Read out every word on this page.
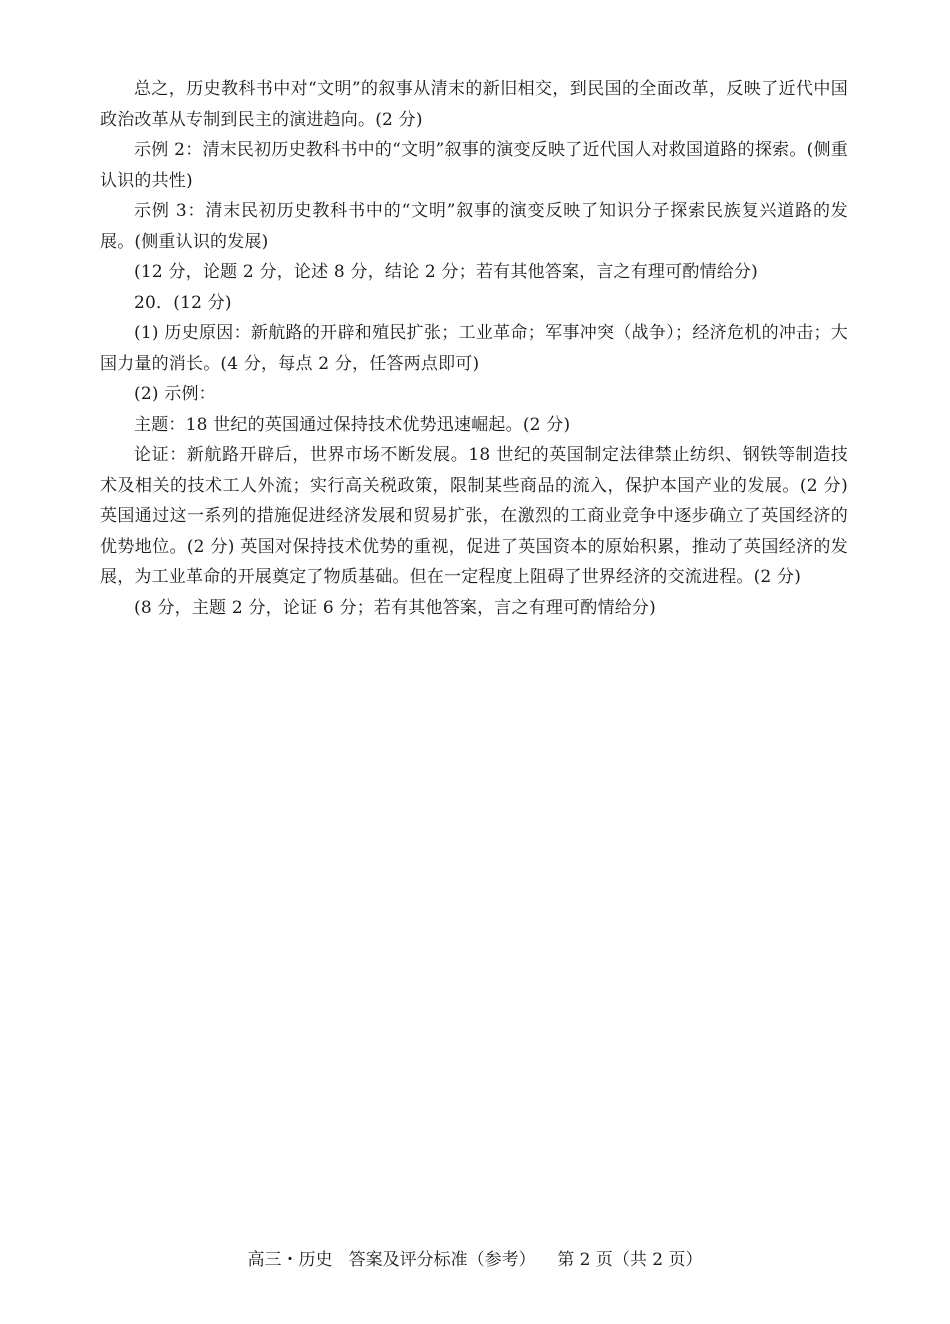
总之，历史教科书中对“文明”的叙事从清末的新旧相交，到民国的全面改革，反映了近代中国政治改革从专制到民主的演进趋向。(2 分)

示例 2：清末民初历史教科书中的“文明”叙事的演变反映了近代国人对救国道路的探索。(侧重认识的共性)

示例 3：清末民初历史教科书中的“文明”叙事的演变反映了知识分子探索民族复兴道路的发展。(侧重认识的发展)

(12 分，论题 2 分，论述 8 分，结论 2 分；若有其他答案，言之有理可酌情给分)

20．(12 分)

(1) 历史原因：新航路的开辟和殖民扩张；工业革命；军事冲突（战争）；经济危机的冲击；大国力量的消长。(4 分，每点 2 分，任答两点即可)

(2) 示例：

主题：18 世纪的英国通过保持技术优势迅速崛起。(2 分)

论证：新航路开辟后，世界市场不断发展。18 世纪的英国制定法律禁止纺织、钢铁等制造技术及相关的技术工人外流；实行高关税政策，限制某些商品的流入，保护本国产业的发展。(2 分) 英国通过这一系列的措施促进经济发展和贸易扩张，在激烈的工商业竞争中逐步确立了英国经济的优势地位。(2 分) 英国对保持技术优势的重视，促进了英国资本的原始积累，推动了英国经济的发展，为工业革命的开展奠定了物质基础。但在一定程度上阻碍了世界经济的交流进程。(2 分)

(8 分，主题 2 分，论证 6 分；若有其他答案，言之有理可酌情给分)

高三・历史   答案及评分标准（参考）    第 2 页（共 2 页）
